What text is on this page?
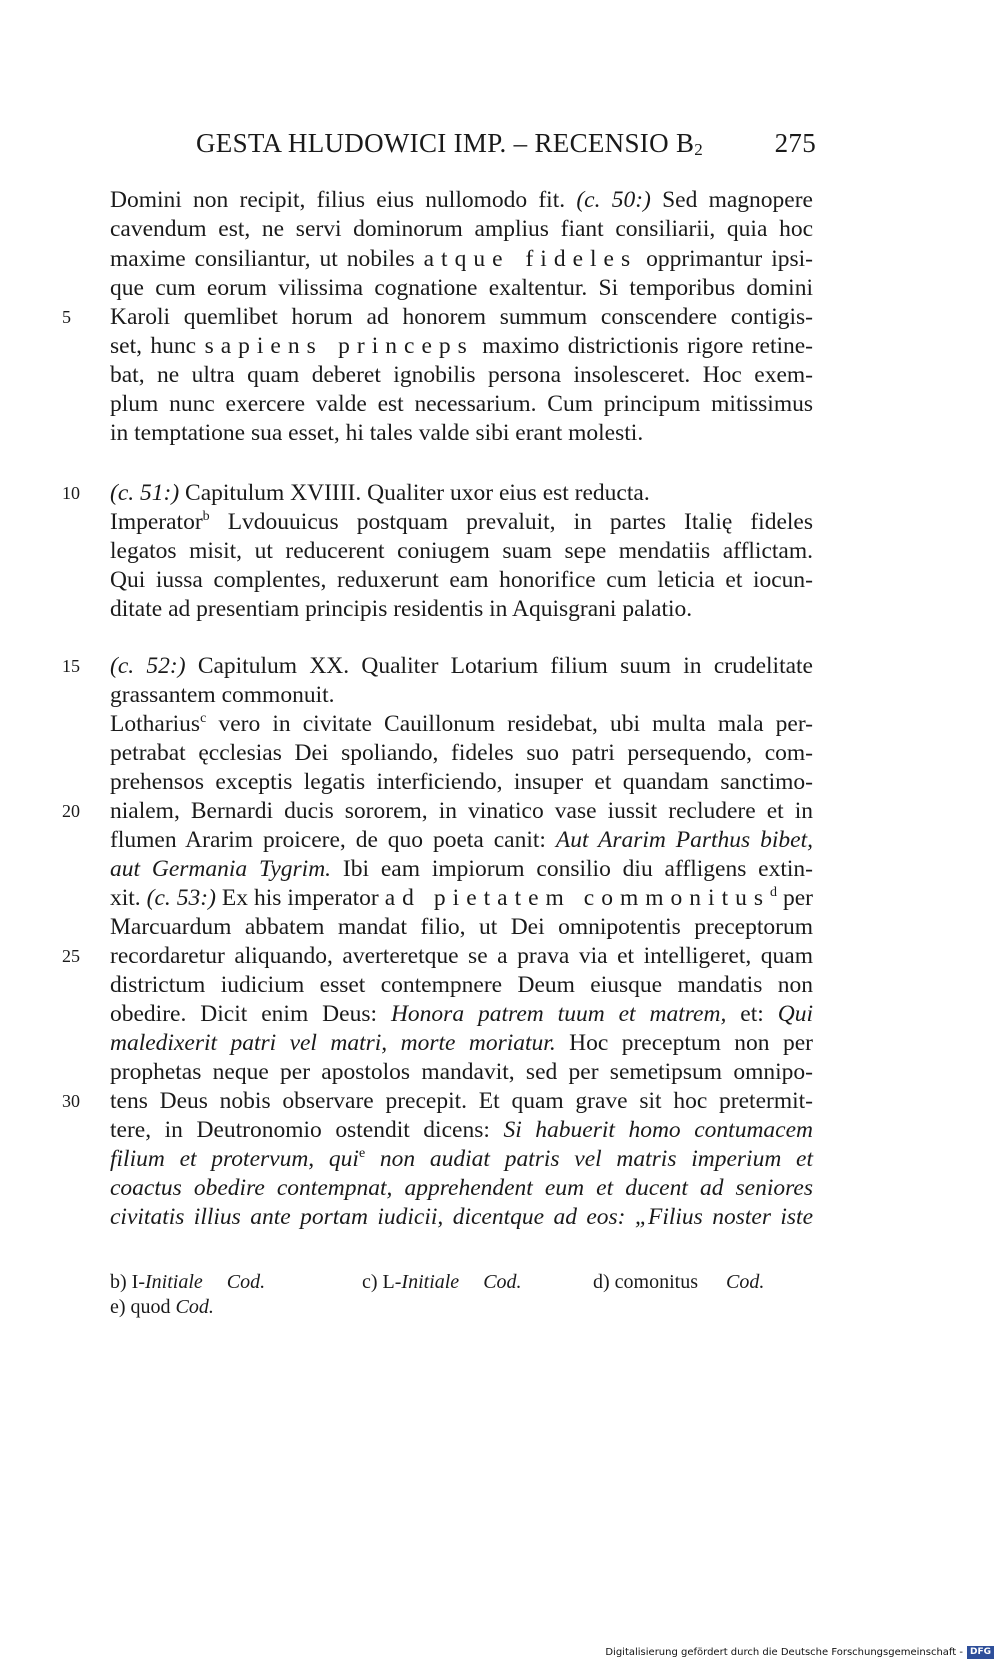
GESTA HLUDOWICI IMP. – RECENSIO $B_2$	275
Domini non recipit, filius eius nullomodo fit. (c. 50:) Sed magnopere
cavendum est, ne servi dominorum amplius fiant consiliarii, quia hoc
maxime consiliantur, ut nobiles atque fideles opprimantur ipsi-
que cum eorum vilissima cognatione exaltentur. Si temporibus domini
5	Karoli quemlibet horum ad honorem summum conscendere contigis-
set, hunc sapiens princeps maximo districtionis rigore retine-
bat, ne ultra quam deberet ignobilis persona insolesceret. Hoc exem-
plum nunc exercere valde est necessarium. Cum principum mitissimus
in temptatione sua esset, hi tales valde sibi erant molesti.
10	(c. 51:) Capitulum XVIIII. Qualiter uxor eius est reducta.
Imperator$^b$ Lvdouuicus postquam prevaluit, in partes Italię fideles
legatos misit, ut reducerent coniugem suam sepe mendatiis afflictam.
Qui iussa complentes, reduxerunt eam honorifice cum leticia et iocun-
ditate ad presentiam principis residentis in Aquisgrani palatio.
15	(c. 52:) Capitulum XX. Qualiter Lotarium filium suum in crudelitate
grassantem commonuit.
Lotharius$^c$ vero in civitate Cauillonum residebat, ubi multa mala per-
petrabat ęcclesias Dei spoliando, fideles suo patri persequendo, com-
prehensos exceptis legatis interficiendo, insuper et quandam sanctimo-
20	nialem, Bernardi ducis sororem, in vinatico vase iussit recludere et in
flumen Ararim proicere, de quo poeta canit: Aut Ararim Parthus bibet,
aut Germania Tygrim. Ibi eam impiorum consilio diu affligens extin-
xit. (c. 53:) Ex his imperator ad pietatem commonitus$^d$ per
Marcuardum abbatem mandat filio, ut Dei omnipotentis preceptorum
25	recordaretur aliquando, averteretque se a prava via et intelligeret, quam
districtum iudicium esset contempnere Deum eiusque mandatis non
obedire. Dicit enim Deus: Honora patrem tuum et matrem, et: Qui
maledixerit patri vel matri, morte moriatur. Hoc preceptum non per
prophetas neque per apostolos mandavit, sed per semetipsum omnipo-
30	tens Deus nobis observare precepit. Et quam grave sit hoc pretermit-
tere, in Deutronomio ostendit dicens: Si habuerit homo contumacem
filium et protervum, qui$^e$ non audiat patris vel matris imperium et
coactus obedire contempnat, apprehendent eum et ducent ad seniores
civitatis illius ante portam iudicii, dicentque ad eos: „Filius noster iste
b) I-Initiale Cod.	c) L-Initiale Cod.	d) comonitus Cod.
e) quod Cod.
Digitalisierung gefördert durch die Deutsche Forschungsgemeinschaft - DFG
